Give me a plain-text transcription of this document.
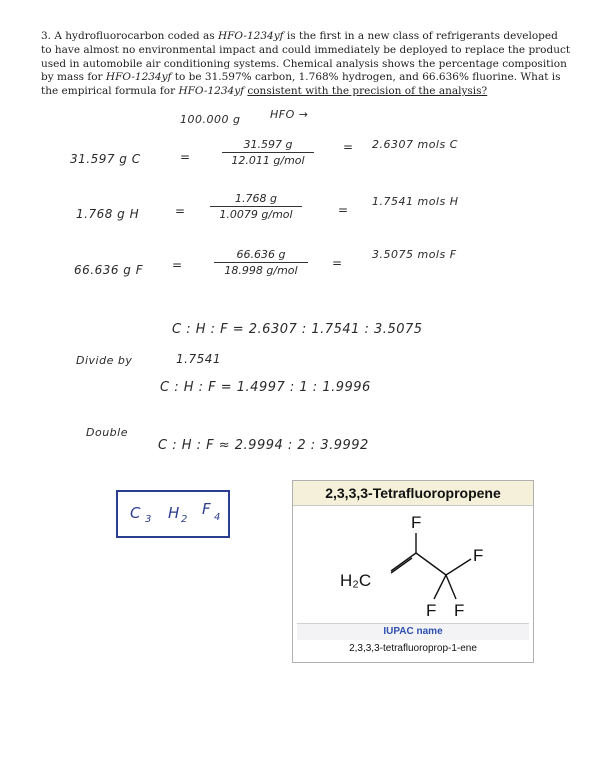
3. A hydrofluorocarbon coded as HFO-1234yf is the first in a new class of refrigerants developed to have almost no environmental impact and could immediately be deployed to replace the product used in automobile air conditioning systems. Chemical analysis shows the percentage composition by mass for HFO-1234yf to be 31.597% carbon, 1.768% hydrogen, and 66.636% fluorine. What is the empirical formula for HFO-1234yf consistent with the precision of the analysis?
100.000 g	HFO →
31.597 g C	=
31.597 g
12.011 g/mol
= 2.6307 mols C
1.768 g H	=
1.768 g
1.0079 g/mol	=
1.7541 mols H
66.636 g F =
66.636 g
18.998 g/mol
=
3.5075 mols F
C : H : F = 2.6307 : 1.7541 : 3.5075
Divide by	1.7541
C : H : F = 1.4997 : 1 : 1.9996
Double
C : H : F ≈ 2.9994 : 2 : 3.9992
C 3 H 2
F 4
2,3,3,3-Tetrafluoropropene
F
H₂C
F
F F
IUPAC name
2,3,3,3-tetrafluoroprop-1-ene
